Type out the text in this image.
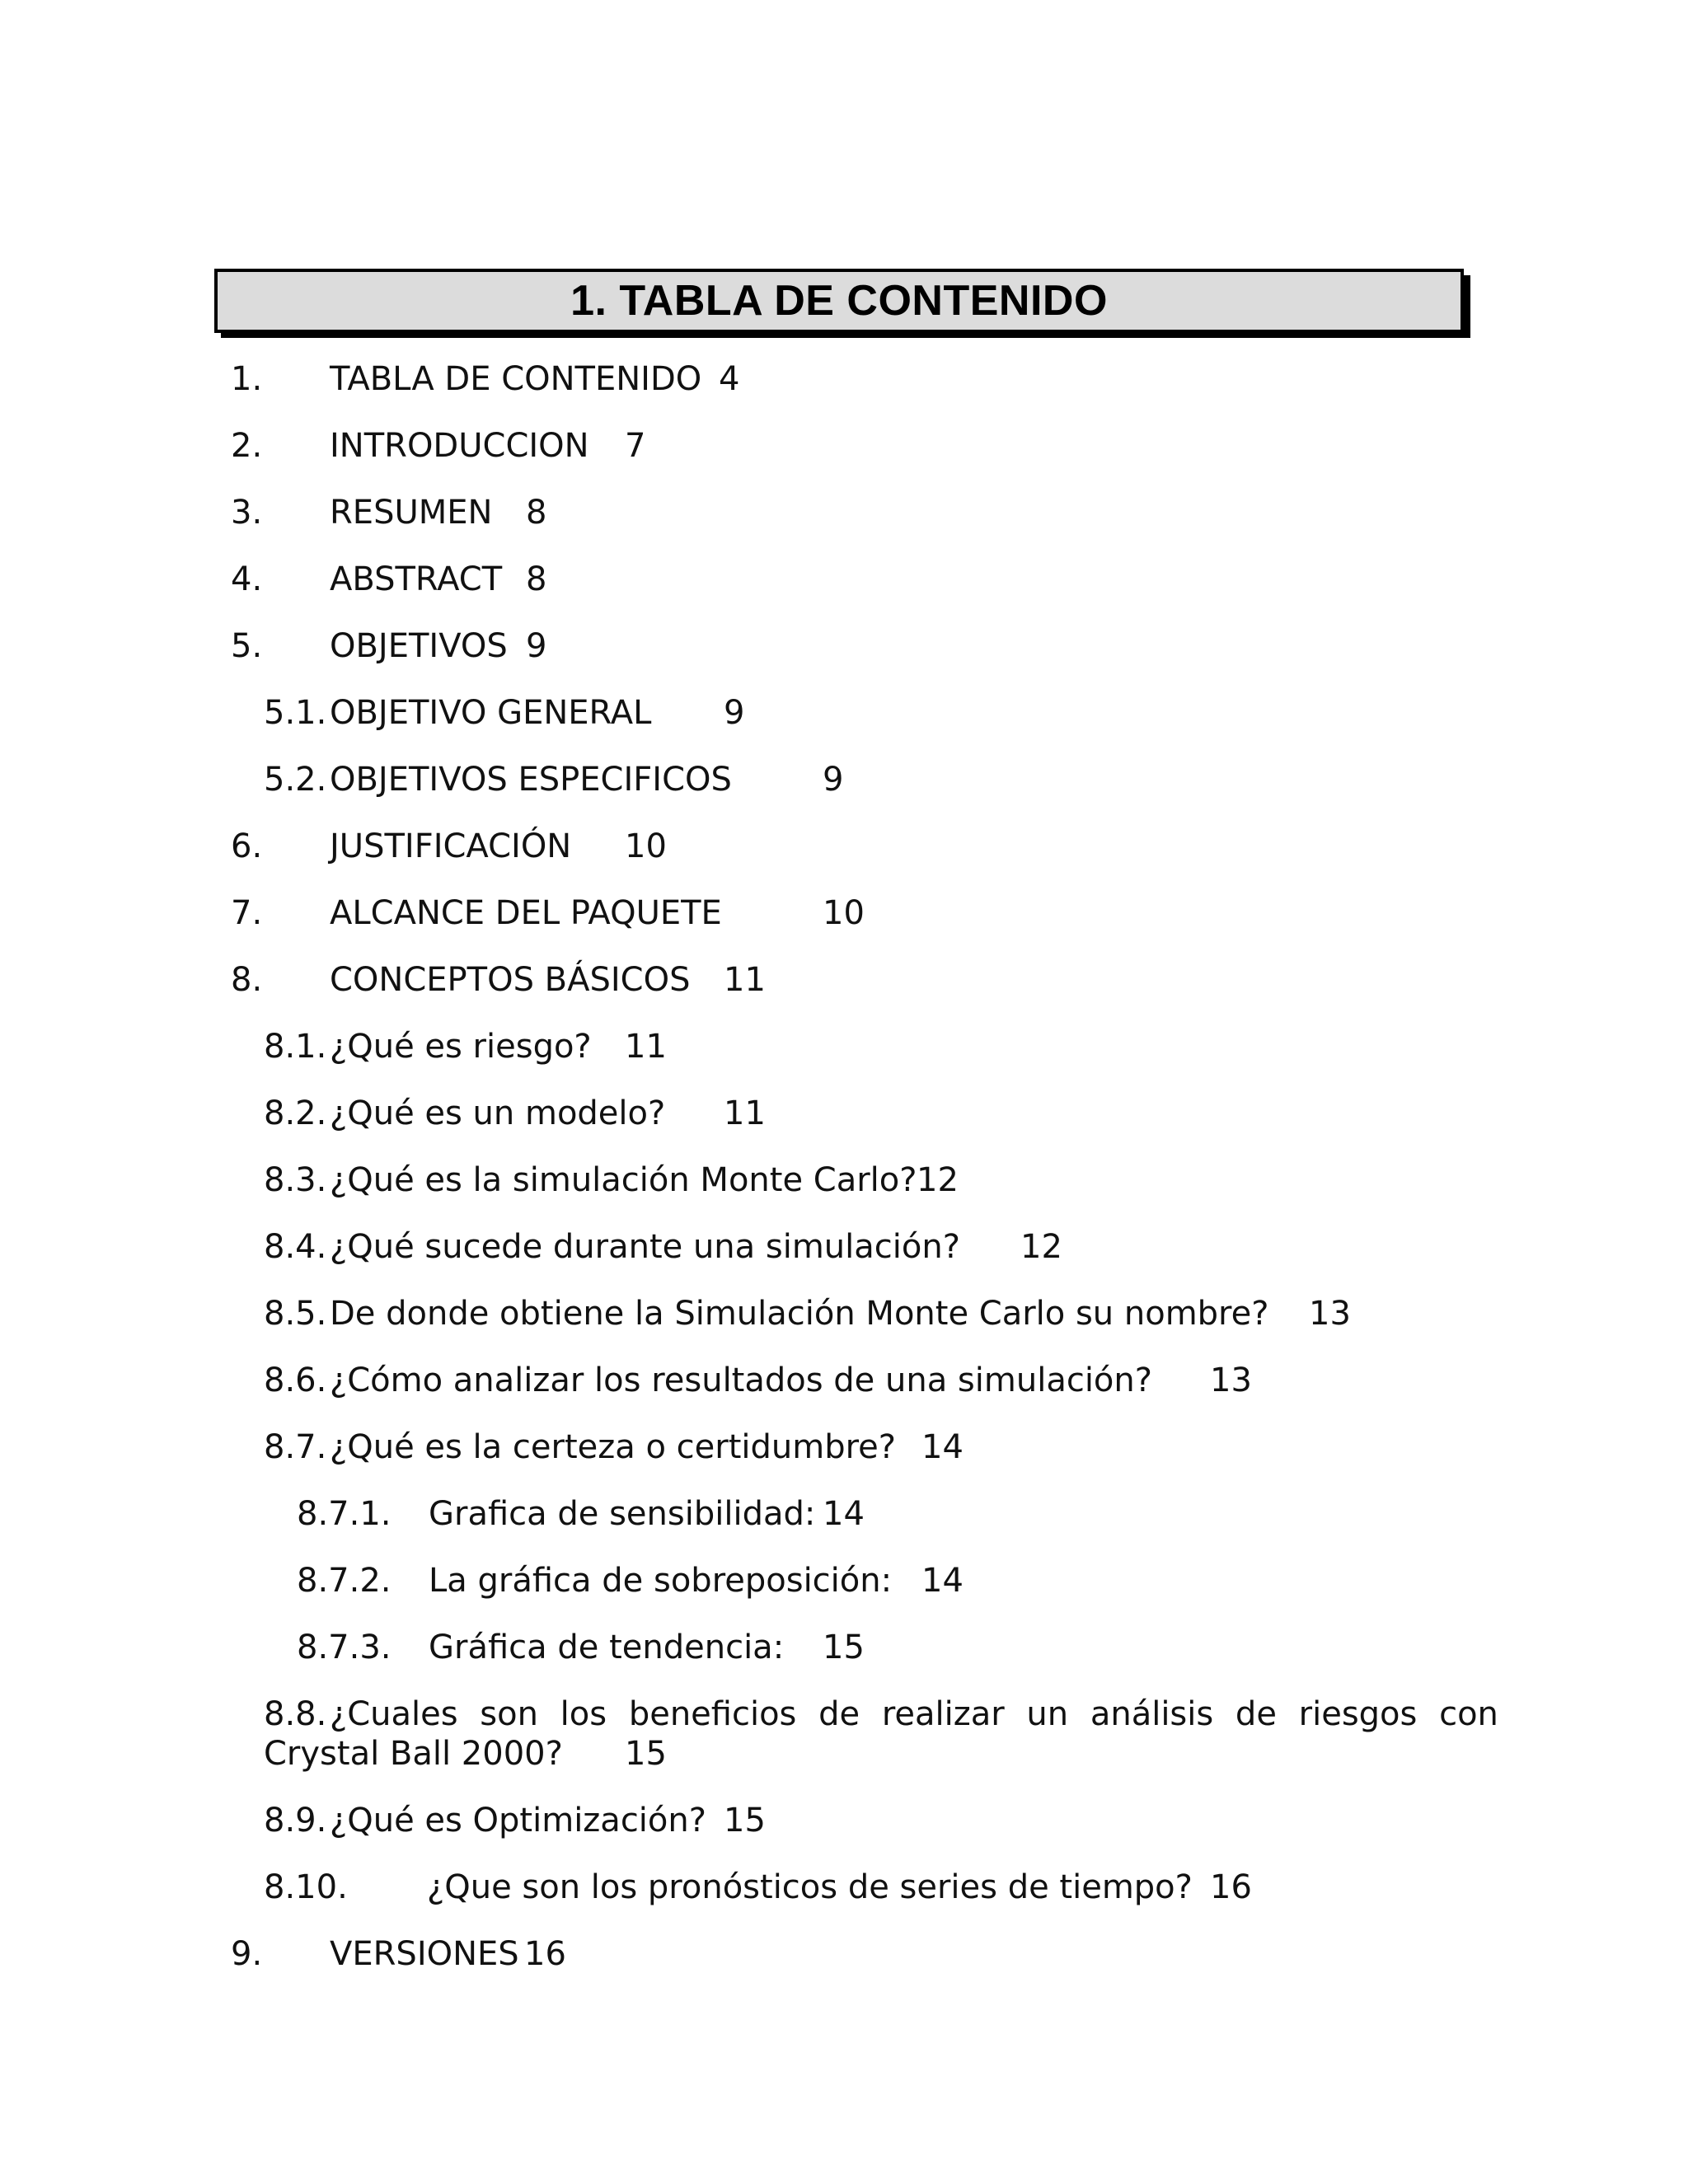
1. TABLA DE CONTENIDO
1. TABLA DE CONTENIDO 4
2. INTRODUCCION 7
3. RESUMEN 8
4. ABSTRACT 8
5. OBJETIVOS 9
5.1. OBJETIVO GENERAL 9
5.2. OBJETIVOS ESPECIFICOS	9
6. JUSTIFICACIÓN 10
7. ALCANCE DEL PAQUETE	10
8. CONCEPTOS BÁSICOS 11
8.1. ¿Qué es riesgo? 11
8.2. ¿Qué es un modelo? 11
8.3. ¿Qué es la simulación Monte Carlo? 12
8.4. ¿Qué sucede durante una simulación? 12
8.5. De donde obtiene la Simulación Monte Carlo su nombre? 13
8.6. ¿Cómo analizar los resultados de una simulación? 13
8.7. ¿Qué es la certeza o certidumbre? 14
8.7.1. Grafica de sensibilidad: 14
8.7.2. La gráfica de sobreposición: 14
8.7.3. Gráfica de tendencia: 15
8.8. ¿Cuales son los beneficios de realizar un análisis de riesgos con
Crystal Ball 2000? 15
8.9. ¿Qué es Optimización? 15
8.10. ¿Que son los pronósticos de series de tiempo? 16
9. VERSIONES 16
